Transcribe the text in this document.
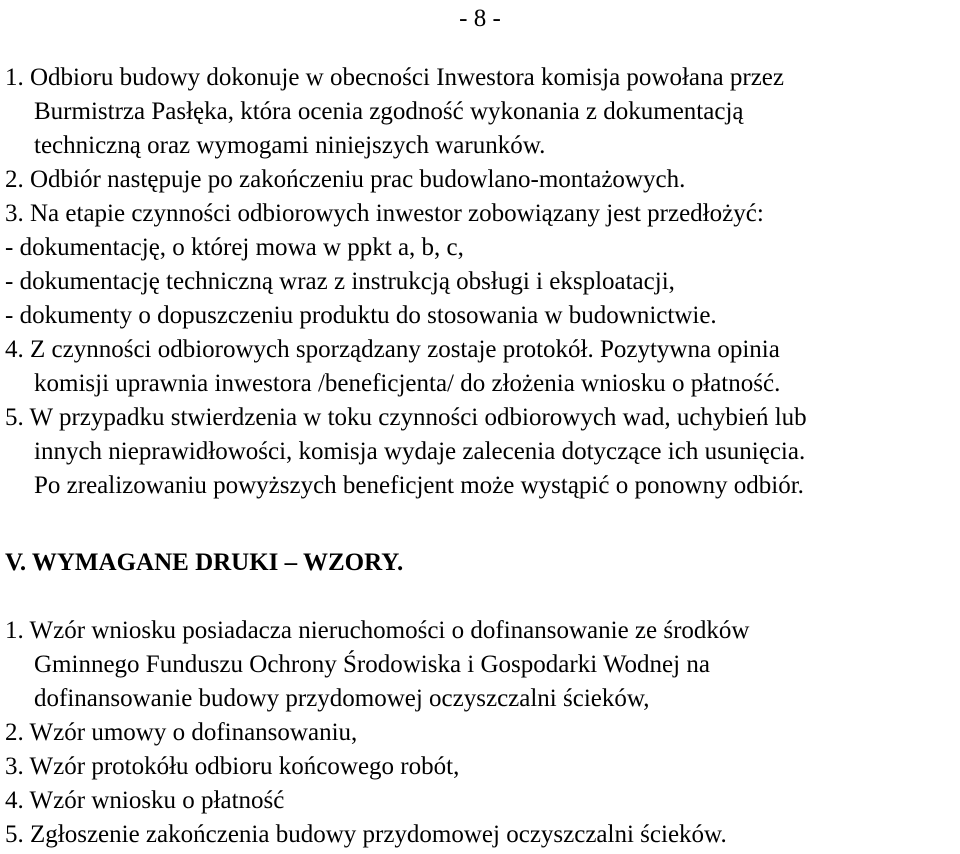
- 8 -
1. Odbioru budowy dokonuje w obecności Inwestora komisja powołana przez
Burmistrza Pasłęka, która ocenia zgodność wykonania z dokumentacją
techniczną oraz wymogami niniejszych warunków.
2. Odbiór następuje po zakończeniu prac budowlano-montażowych.
3. Na etapie czynności odbiorowych inwestor zobowiązany jest przedłożyć:
- dokumentację, o której mowa w ppkt a, b, c,
- dokumentację techniczną wraz z instrukcją obsługi i eksploatacji,
- dokumenty o dopuszczeniu produktu do stosowania w budownictwie.
4. Z czynności odbiorowych sporządzany zostaje protokół. Pozytywna opinia
komisji uprawnia inwestora /beneficjenta/ do złożenia wniosku o płatność.
5. W przypadku stwierdzenia w toku czynności odbiorowych wad, uchybień lub
innych nieprawidłowości, komisja wydaje zalecenia dotyczące ich usunięcia.
Po zrealizowaniu powyższych beneficjent może wystąpić o ponowny odbiór.
V. WYMAGANE DRUKI – WZORY.
1. Wzór wniosku posiadacza nieruchomości o dofinansowanie ze środków
Gminnego Funduszu Ochrony Środowiska i Gospodarki Wodnej na
dofinansowanie budowy przydomowej oczyszczalni ścieków,
2. Wzór umowy o dofinansowaniu,
3. Wzór protokółu odbioru końcowego robót,
4. Wzór wniosku o płatność
5. Zgłoszenie zakończenia budowy przydomowej oczyszczalni ścieków.
